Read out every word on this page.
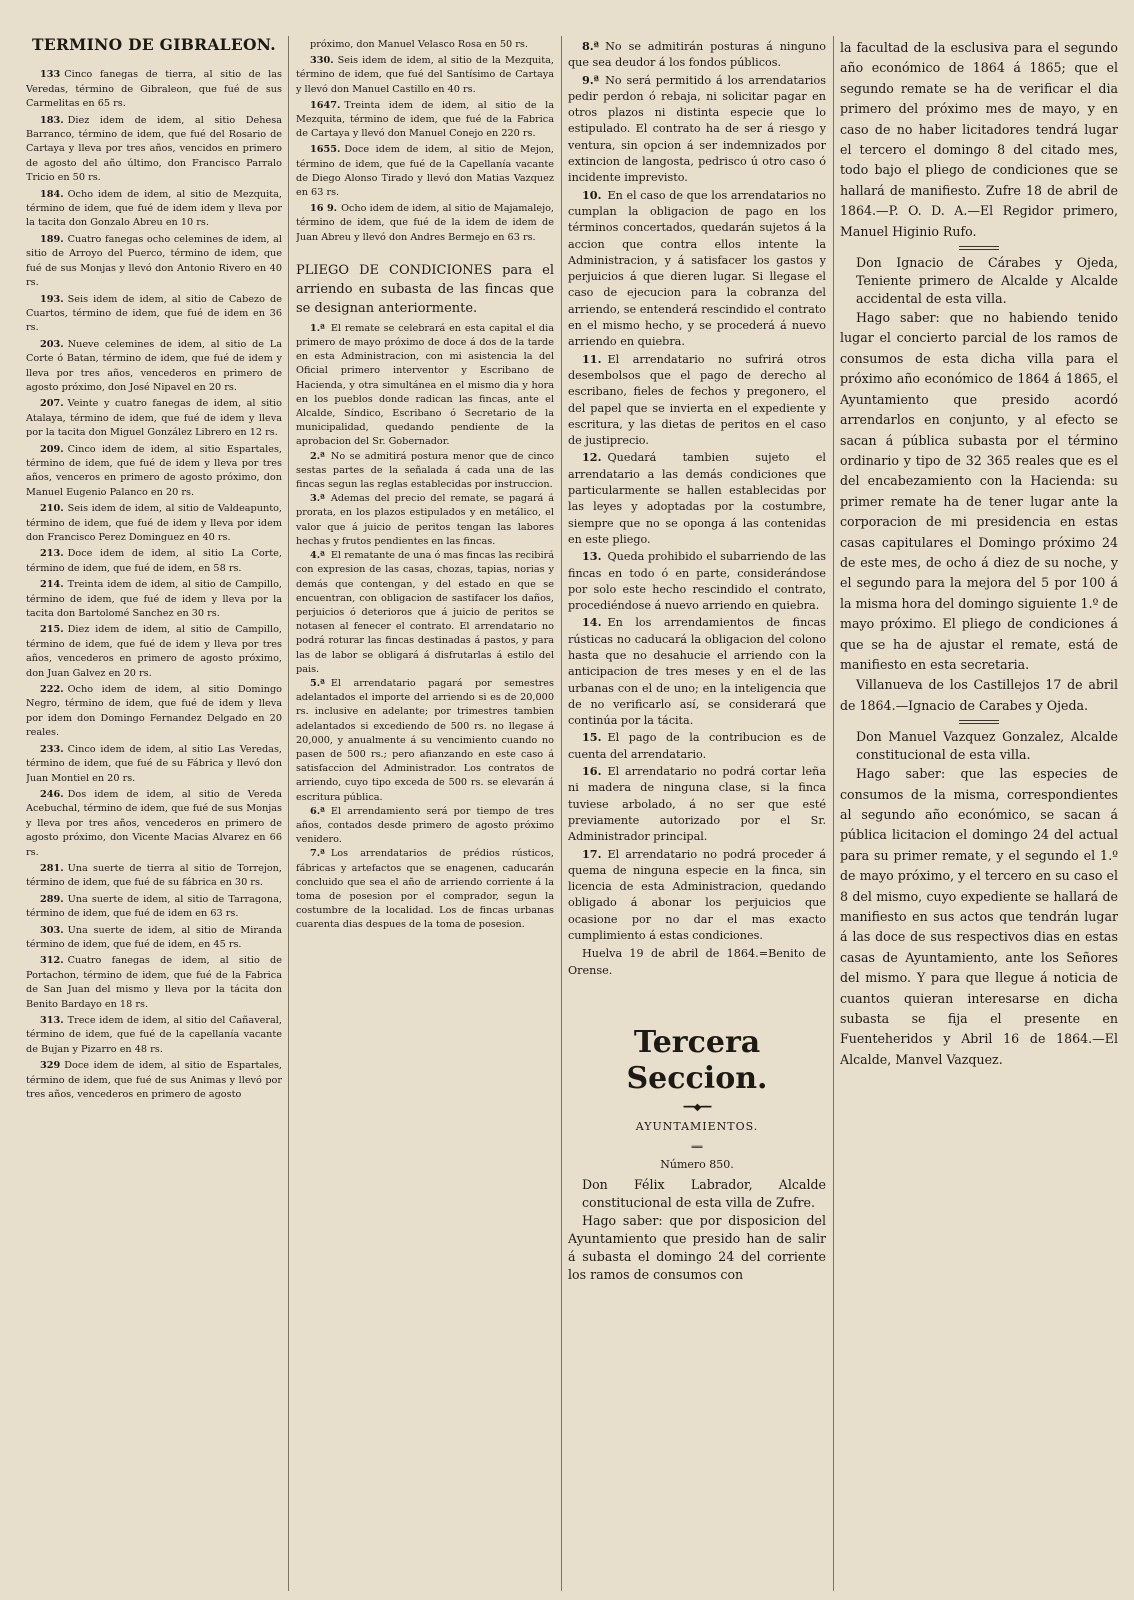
TERMINO DE GIBRALEON.

133 Cinco fanegas de tierra, al sitio de las Veredas, término de Gibraleon, que fué de sus Carmelitas en 65 rs.

183. Diez idem de idem, al sitio Dehesa Barranco, término de idem, que fué del Rosario de Cartaya y lleva por tres años, vencidos en primero de agosto del año último, don Francisco Parralo Tricio en 50 rs.

184. Ocho idem de idem, al sitio de Mezquita, término de idem, que fué de idem idem y lleva por la tacita don Gonzalo Abreu en 10 rs.

189. Cuatro fanegas ocho celemines de idem, al sitio de Arroyo del Puerco, término de idem, que fué de sus Monjas y llevó don Antonio Rivero en 40 rs.

193. Seis idem de idem, al sitio de Cabezo de Cuartos, término de idem, que fué de idem en 36 rs.

203. Nueve celemines de idem, al sitio de La Corte ó Batan, término de idem, que fué de idem y lleva por tres años, vencederos en primero de agosto próximo, don José Nipavel en 20 rs.

207. Veinte y cuatro fanegas de idem, al sitio Atalaya, término de idem, que fué de idem y lleva por la tacita don Miguel González Librero en 12 rs.

209. Cinco idem de idem, al sitio Espartales, término de idem, que fué de idem y lleva por tres años, venceros en primero de agosto próximo, don Manuel Eugenio Palanco en 20 rs.

210. Seis idem de idem, al sitio de Valdeapunto, término de idem, que fué de idem y lleva por idem don Francisco Perez Dominguez en 40 rs.

213. Doce idem de idem, al sitio La Corte, término de idem, que fué de idem, en 58 rs.

214. Treinta idem de idem, al sitio de Campillo, término de idem, que fué de idem y lleva por la tacita don Bartolomé Sanchez en 30 rs.

215. Diez idem de idem, al sitio de Campillo, término de idem, que fué de idem y lleva por tres años, vencederos en primero de agosto próximo, don Juan Galvez en 20 rs.

222. Ocho idem de idem, al sitio Domingo Negro, término de idem, que fué de idem y lleva por idem don Domingo Fernandez Delgado en 20 reales.

233. Cinco idem de idem, al sitio Las Veredas, término de idem, que fué de su Fábrica y llevó don Juan Montiel en 20 rs.

246. Dos idem de idem, al sitio de Vereda Acebuchal, término de idem, que fué de sus Monjas y lleva por tres años, vencederos en primero de agosto próximo, don Vicente Macias Alvarez en 66 rs.

281. Una suerte de tierra al sitio de Torrejon, término de idem, que fué de su fábrica en 30 rs.

289. Una suerte de idem, al sitio de Tarragona, término de idem, que fué de idem en 63 rs.

303. Una suerte de idem, al sitio de Miranda término de idem, que fué de idem, en 45 rs.

312. Cuatro fanegas de idem, al sitio de Portachon, término de idem, que fué de la Fabrica de San Juan del mismo y lleva por la tácita don Benito Bardayo en 18 rs.

313. Trece idem de idem, al sitio del Cañaveral, término de idem, que fué de la capellanía vacante de Bujan y Pizarro en 48 rs.

329 Doce idem de idem, al sitio de Espartales, término de idem, que fué de sus Animas y llevó por tres años, vencederos en primero de agosto

próximo, don Manuel Velasco Rosa en 50 rs.

330. Seis idem de idem, al sitio de la Mezquita, término de idem, que fué del Santísimo de Cartaya y llevó don Manuel Castillo en 40 rs.

1647. Treinta idem de idem, al sitio de la Mezquita, término de idem, que fué de la Fabrica de Cartaya y llevó don Manuel Conejo en 220 rs.

1655. Doce idem de idem, al sitio de Mejon, término de idem, que fué de la Capellanía vacante de Diego Alonso Tirado y llevó don Matias Vazquez en 63 rs.

16 9. Ocho idem de idem, al sitio de Majamalejo, término de idem, que fué de la idem de idem de Juan Abreu y llevó don Andres Bermejo en 63 rs.

PLIEGO DE CONDICIONES para el arriendo en subasta de las fincas que se designan anteriormente.

1.ª El remate se celebrará en esta capital el dia primero de mayo próximo de doce á dos de la tarde en esta Administracion, con mi asistencia la del Oficial primero interventor y Escribano de Hacienda, y otra simultánea en el mismo dia y hora en los pueblos donde radican las fincas, ante el Alcalde, Síndico, Escribano ó Secretario de la municipalidad, quedando pendiente de la aprobacion del Sr. Gobernador.

2.ª No se admitirá postura menor que de cinco sestas partes de la señalada á cada una de las fincas segun las reglas establecidas por instruccion.

3.ª Ademas del precio del remate, se pagará á prorata, en los plazos estipulados y en metálico, el valor que á juicio de peritos tengan las labores hechas y frutos pendientes en las fincas.

4.ª El rematante de una ó mas fincas las recibirá con expresion de las casas, chozas, tapias, norias y demás que contengan, y del estado en que se encuentran, con obligacion de sastifacer los daños, perjuicios ó deterioros que á juicio de peritos se notasen al fenecer el contrato. El arrendatario no podrá roturar las fincas destinadas á pastos, y para las de labor se obligará á disfrutarlas á estilo del pais.

5.ª El arrendatario pagará por semestres adelantados el importe del arriendo si es de 20,000 rs. inclusive en adelante; por trimestres tambien adelantados si excediendo de 500 rs. no llegase á 20,000, y anualmente á su vencimiento cuando no pasen de 500 rs.; pero afianzando en este caso á satisfaccion del Administrador. Los contratos de arriendo, cuyo tipo exceda de 500 rs. se elevarán á escritura pública.

6.ª El arrendamiento será por tiempo de tres años, contados desde primero de agosto próximo venidero.

7.ª Los arrendatarios de prédios rústicos, fábricas y artefactos que se enagenen, caducarán concluido que sea el año de arriendo corriente á la toma de posesion por el comprador, segun la costumbre de la localidad. Los de fincas urbanas cuarenta dias despues de la toma de posesion.

8.ª No se admitirán posturas á ninguno que sea deudor á los fondos públicos.

9.ª No será permitido á los arrendatarios pedir perdon ó rebaja, ni solicitar pagar en otros plazos ni distinta especie que lo estipulado. El contrato ha de ser á riesgo y ventura, sin opcion á ser indemnizados por extincion de langosta, pedrisco ú otro caso ó incidente imprevisto.

10. En el caso de que los arrendatarios no cumplan la obligacion de pago en los términos concertados, quedarán sujetos á la accion que contra ellos intente la Administracion, y á satisfacer los gastos y perjuicios á que dieren lugar. Si llegase el caso de ejecucion para la cobranza del arriendo, se entenderá rescindido el contrato en el mismo hecho, y se procederá á nuevo arriendo en quiebra.

11. El arrendatario no sufrirá otros desembolsos que el pago de derecho al escribano, fieles de fechos y pregonero, el del papel que se invierta en el expediente y escritura, y las dietas de peritos en el caso de justiprecio.

12. Quedará tambien sujeto el arrendatario a las demás condiciones que particularmente se hallen establecidas por las leyes y adoptadas por la costumbre, siempre que no se oponga á las contenidas en este pliego.

13. Queda prohibido el subarriendo de las fincas en todo ó en parte, considerándose por solo este hecho rescindido el contrato, procediéndose á nuevo arriendo en quiebra.

14. En los arrendamientos de fincas rústicas no caducará la obligacion del colono hasta que no desahucie el arriendo con la anticipacion de tres meses y en el de las urbanas con el de uno; en la inteligencia que de no verificarlo así, se considerará que continúa por la tácita.

15. El pago de la contribucion es de cuenta del arrendatario.

16. El arrendatario no podrá cortar leña ni madera de ninguna clase, si la finca tuviese arbolado, á no ser que esté previamente autorizado por el Sr. Administrador principal.

17. El arrendatario no podrá proceder á quema de ninguna especie en la finca, sin licencia de esta Administracion, quedando obligado á abonar los perjuicios que ocasione por no dar el mas exacto cumplimiento á estas condiciones.

Huelva 19 de abril de 1864.=Benito de Orense.

Tercera Seccion.
━━◆━━
AYUNTAMIENTOS.
══
Número 850.

Don Félix Labrador, Alcalde constitucional de esta villa de Zufre.

Hago saber: que por disposicion del Ayuntamiento que presido han de salir á subasta el domingo 24 del corriente los ramos de consumos con

la facultad de la esclusiva para el segundo año económico de 1864 á 1865; que el segundo remate se ha de verificar el dia primero del próximo mes de mayo, y en caso de no haber licitadores tendrá lugar el tercero el domingo 8 del citado mes, todo bajo el pliego de condiciones que se hallará de manifiesto. Zufre 18 de abril de 1864.—P. O. D. A.—El Regidor primero, Manuel Higinio Rufo.

Don Ignacio de Cárabes y Ojeda, Teniente primero de Alcalde y Alcalde accidental de esta villa.

Hago saber: que no habiendo tenido lugar el concierto parcial de los ramos de consumos de esta dicha villa para el próximo año económico de 1864 á 1865, el Ayuntamiento que presido acordó arrendarlos en conjunto, y al efecto se sacan á pública subasta por el término ordinario y tipo de 32 365 reales que es el del encabezamiento con la Hacienda: su primer remate ha de tener lugar ante la corporacion de mi presidencia en estas casas capitulares el Domingo próximo 24 de este mes, de ocho á diez de su noche, y el segundo para la mejora del 5 por 100 á la misma hora del domingo siguiente 1.º de mayo próximo. El pliego de condiciones á que se ha de ajustar el remate, está de manifiesto en esta secretaria.

Villanueva de los Castillejos 17 de abril de 1864.—Ignacio de Carabes y Ojeda.

Don Manuel Vazquez Gonzalez, Alcalde constitucional de esta villa.

Hago saber: que las especies de consumos de la misma, correspondientes al segundo año económico, se sacan á pública licitacion el domingo 24 del actual para su primer remate, y el segundo el 1.º de mayo próximo, y el tercero en su caso el 8 del mismo, cuyo expediente se hallará de manifiesto en sus actos que tendrán lugar á las doce de sus respectivos dias en estas casas de Ayuntamiento, ante los Señores del mismo. Y para que llegue á noticia de cuantos quieran interesarse en dicha subasta se fija el presente en Fuenteheridos y Abril 16 de 1864.—El Alcalde, Manvel Vazquez.
